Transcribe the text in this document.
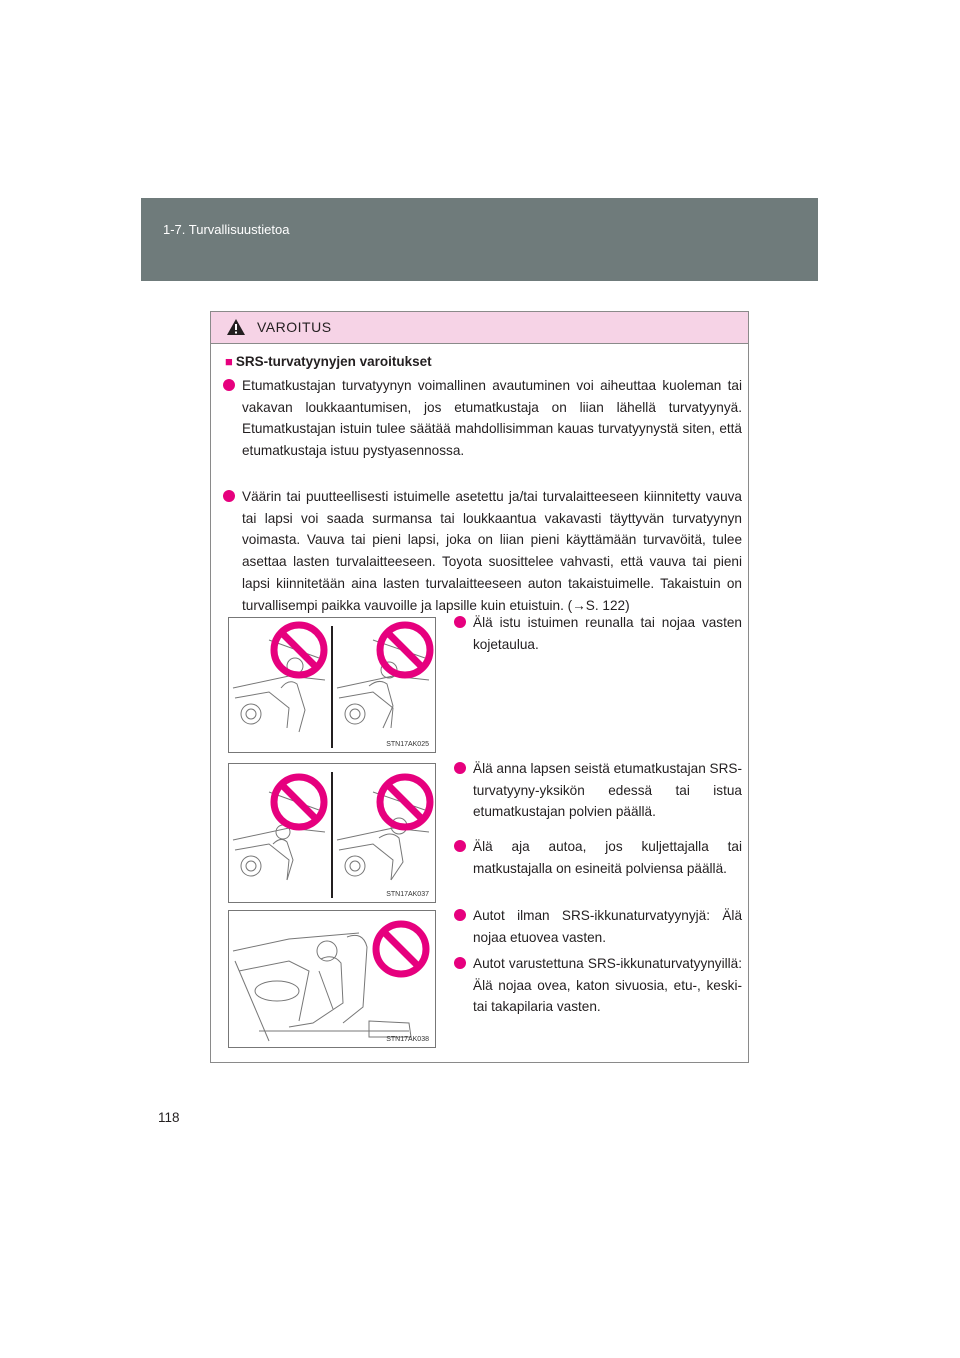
1-7. Turvallisuustietoa
VAROITUS
■ SRS-turvatyynyjen varoitukset
Etumatkustajan turvatyynyn voimallinen avautuminen voi aiheuttaa kuoleman tai vakavan loukkaantumisen, jos etumatkustaja on liian lähellä turvatyynyä. Etumatkustajan istuin tulee säätää mahdollisimman kauas turvatyynystä siten, että etumatkustaja istuu pystyasennossa.
Väärin tai puutteellisesti istuimelle asetettu ja/tai turvalaitteeseen kiinnitetty vauva tai lapsi voi saada surmansa tai loukkaantua vakavasti täyttyvän turvatyynyn voimasta. Vauva tai pieni lapsi, joka on liian pieni käyttämään turvavöitä, tulee asettaa lasten turvalaitteeseen. Toyota suosittelee vahvasti, että vauva tai pieni lapsi kiinnitetään aina lasten turvalaitteeseen auton takaistuimelle. Takaistuin on turvallisempi paikka vauvoille ja lapsille kuin etuistuin. (→S. 122)
STN17AK025
Älä istu istuimen reunalla tai nojaa vasten kojetaulua.
STN17AK037
Älä anna lapsen seistä etumatkustajan SRS-turvatyyny-yksikön edessä tai istua etumatkustajan polvien päällä.
Älä aja autoa, jos kuljettajalla tai matkustajalla on esineitä polviensa päällä.
STN17AK038
Autot ilman SRS-ikkunaturvatyynyjä: Älä nojaa etuovea vasten.
Autot varustettuna SRS-ikkunaturvatyynyillä: Älä nojaa ovea, katon sivuosia, etu-, keski- tai takapilaria vasten.
118
